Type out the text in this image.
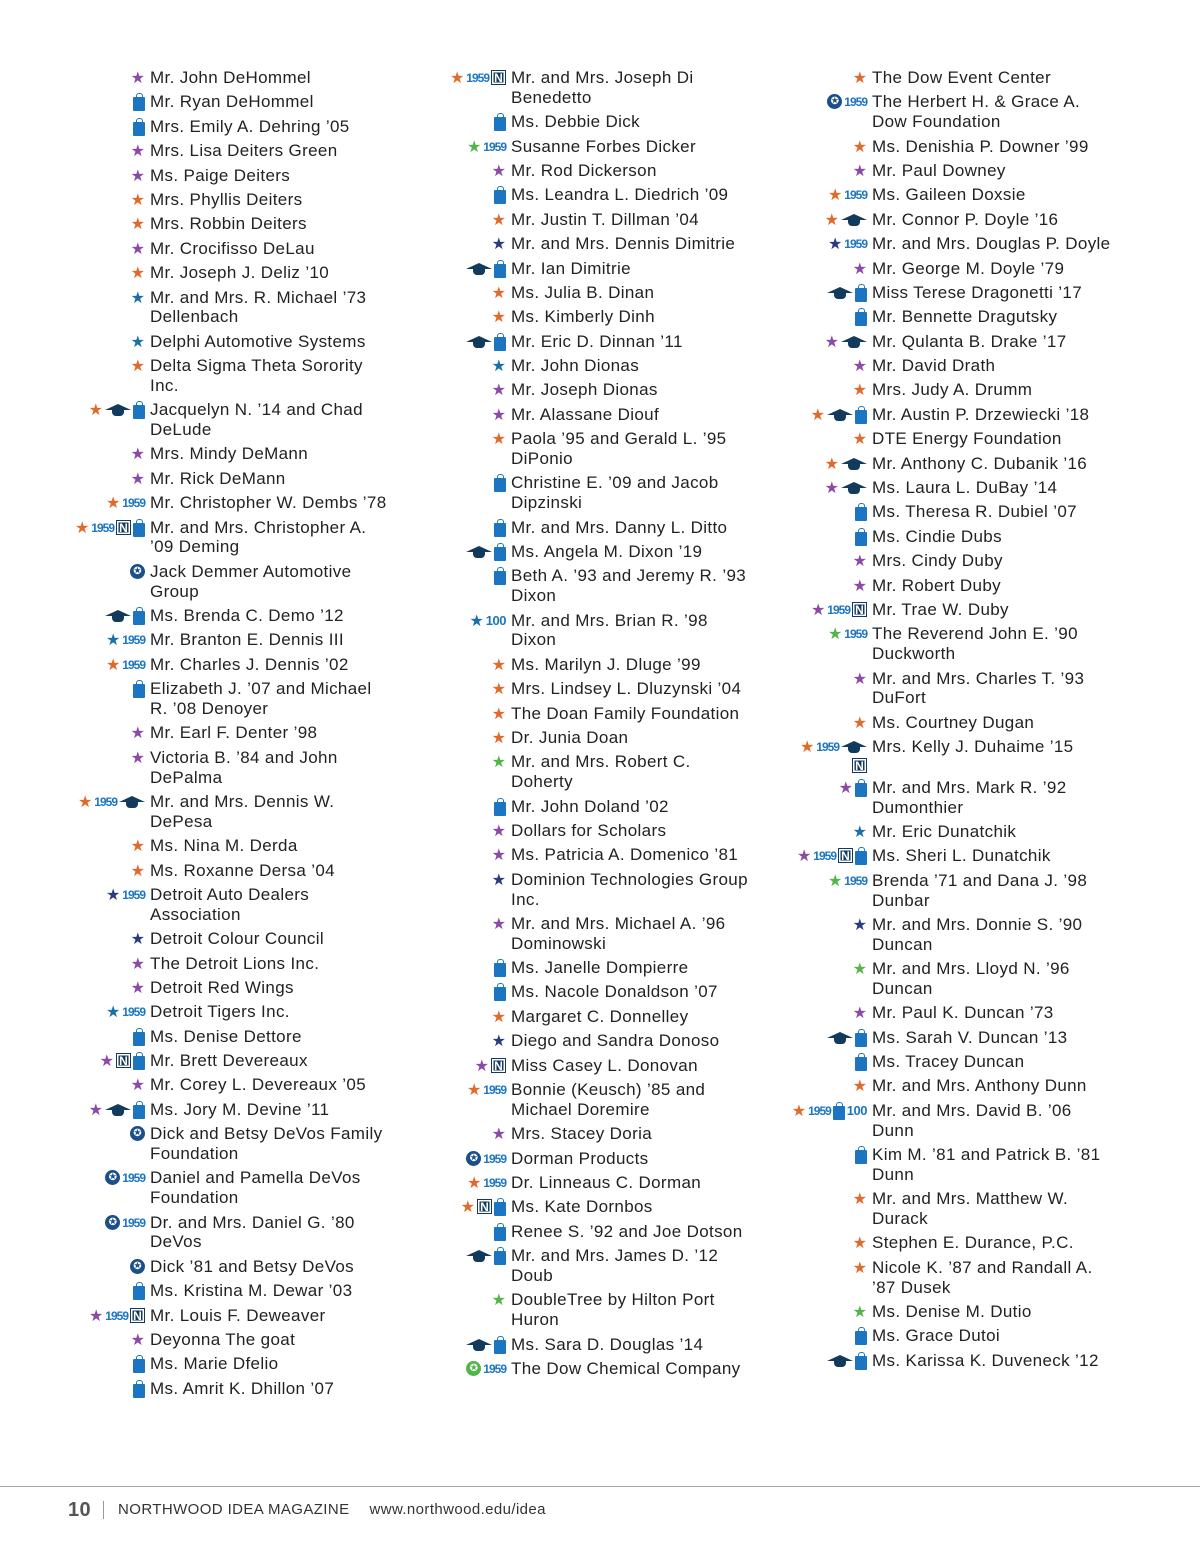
★ Mr. John DeHommel
Mr. Ryan DeHommel
Mrs. Emily A. Dehring ’05
★ Mrs. Lisa Deiters Green
★ Ms. Paige Deiters
★ Mrs. Phyllis Deiters
★ Mrs. Robbin Deiters
★ Mr. Crocifisso DeLau
★ Mr. Joseph J. Deliz ’10
★ Mr. and Mrs. R. Michael ’73 Dellenbach
★ Delphi Automotive Systems
★ Delta Sigma Theta Sorority Inc.
★	Jacquelyn N. ’14 and Chad DeLude
★ Mrs. Mindy DeMann
★ Mr. Rick DeMann
★ 1959 Mr. Christopher W. Dembs ’78
★ 1959 N Mr. and Mrs. Christopher A. ’09 Deming
✪ Jack Demmer Automotive Group
Ms. Brenda C. Demo ’12
★ 1959 Mr. Branton E. Dennis III
★ 1959 Mr. Charles J. Dennis ’02
Elizabeth J. ’07 and Michael R. ’08 Denoyer
★ Mr. Earl F. Denter ’98
★ Victoria B. ’84 and John DePalma
★ 1959 Mr. and Mrs. Dennis W. DePesa
★ Ms. Nina M. Derda
★ Ms. Roxanne Dersa ’04
★ 1959 Detroit Auto Dealers Association
★ Detroit Colour Council
★ The Detroit Lions Inc.
★ Detroit Red Wings
★ 1959 Detroit Tigers Inc.
Ms. Denise Dettore
★ N Mr. Brett Devereaux
★ Mr. Corey L. Devereaux ’05
★	Ms. Jory M. Devine ’11
✪ Dick and Betsy DeVos Family Foundation
✪ 1959 Daniel and Pamella DeVos Foundation
✪ 1959 Dr. and Mrs. Daniel G. ’80 DeVos
✪ Dick ’81 and Betsy DeVos
Ms. Kristina M. Dewar ’03
★ 1959 N Mr. Louis F. Deweaver
★ Deyonna The goat
Ms. Marie Dfelio
Ms. Amrit K. Dhillon ’07
★ 1959 N Mr. and Mrs. Joseph Di Benedetto
Ms. Debbie Dick
★ 1959 Susanne Forbes Dicker
★ Mr. Rod Dickerson
Ms. Leandra L. Diedrich ’09
★ Mr. Justin T. Dillman ’04
★ Mr. and Mrs. Dennis Dimitrie
Mr. Ian Dimitrie
★ Ms. Julia B. Dinan
★ Ms. Kimberly Dinh
Mr. Eric D. Dinnan ’11
★ Mr. John Dionas
★ Mr. Joseph Dionas
★ Mr. Alassane Diouf
★ Paola ’95 and Gerald L. ’95 DiPonio
Christine E. ’09 and Jacob Dipzinski
Mr. and Mrs. Danny L. Ditto
Ms. Angela M. Dixon ’19
Beth A. ’93 and Jeremy R. ’93 Dixon
★ 100 Mr. and Mrs. Brian R. ’98 Dixon
★ Ms. Marilyn J. Dluge ’99
★ Mrs. Lindsey L. Dluzynski ’04
★ The Doan Family Foundation
★ Dr. Junia Doan
★ Mr. and Mrs. Robert C. Doherty
Mr. John Doland ’02
★ Dollars for Scholars
★ Ms. Patricia A. Domenico ’81
★ Dominion Technologies Group Inc.
★ Mr. and Mrs. Michael A. ’96 Dominowski
Ms. Janelle Dompierre
Ms. Nacole Donaldson ’07
★ Margaret C. Donnelley
★ Diego and Sandra Donoso
★ N Miss Casey L. Donovan
★ 1959 Bonnie (Keusch) ’85 and Michael Doremire
★ Mrs. Stacey Doria
✪ 1959 Dorman Products
★ 1959 Dr. Linneaus C. Dorman
★ N Ms. Kate Dornbos
Renee S. ’92 and Joe Dotson
Mr. and Mrs. James D. ’12 Doub
★ DoubleTree by Hilton Port Huron
Ms. Sara D. Douglas ’14
✪ 1959 The Dow Chemical Company
★ The Dow Event Center
✪ 1959 The Herbert H. & Grace A. Dow Foundation
★ Ms. Denishia P. Downer ’99
★ Mr. Paul Downey
★ 1959 Ms. Gaileen Doxsie
★ Mr. Connor P. Doyle ’16
★ 1959 Mr. and Mrs. Douglas P. Doyle
★ Mr. George M. Doyle ’79
Miss Terese Dragonetti ’17
Mr. Bennette Dragutsky
★ Mr. Qulanta B. Drake ’17
★ Mr. David Drath
★ Mrs. Judy A. Drumm
★	Mr. Austin P. Drzewiecki ’18
★ DTE Energy Foundation
★ Mr. Anthony C. Dubanik ’16
★ Ms. Laura L. DuBay ’14
Ms. Theresa R. Dubiel ’07
Ms. Cindie Dubs
★ Mrs. Cindy Duby
★ Mr. Robert Duby
★ 1959 N Mr. Trae W. Duby
★ 1959 The Reverend John E. ’90 Duckworth
★ Mr. and Mrs. Charles T. ’93 DuFort
★ Ms. Courtney Dugan
★ 1959
N
Mrs. Kelly J. Duhaime ’15
★ Mr. and Mrs. Mark R. ’92 Dumonthier
★ Mr. Eric Dunatchik
★ 1959 N Ms. Sheri L. Dunatchik
★ 1959 Brenda ’71 and Dana J. ’98 Dunbar
★ Mr. and Mrs. Donnie S. ’90 Duncan
★ Mr. and Mrs. Lloyd N. ’96 Duncan
★ Mr. Paul K. Duncan ’73
Ms. Sarah V. Duncan ’13
Ms. Tracey Duncan
★ Mr. and Mrs. Anthony Dunn
★ 1959 100 Mr. and Mrs. David B. ’06 Dunn
Kim M. ’81 and Patrick B. ’81 Dunn
★ Mr. and Mrs. Matthew W. Durack
★ Stephen E. Durance, P.C.
★ Nicole K. ’87 and Randall A. ’87 Dusek
★ Ms. Denise M. Dutio
Ms. Grace Dutoi
Ms. Karissa K. Duveneck ’12
10 NORTHWOOD IDEA MAGAZINE www.northwood.edu/idea
